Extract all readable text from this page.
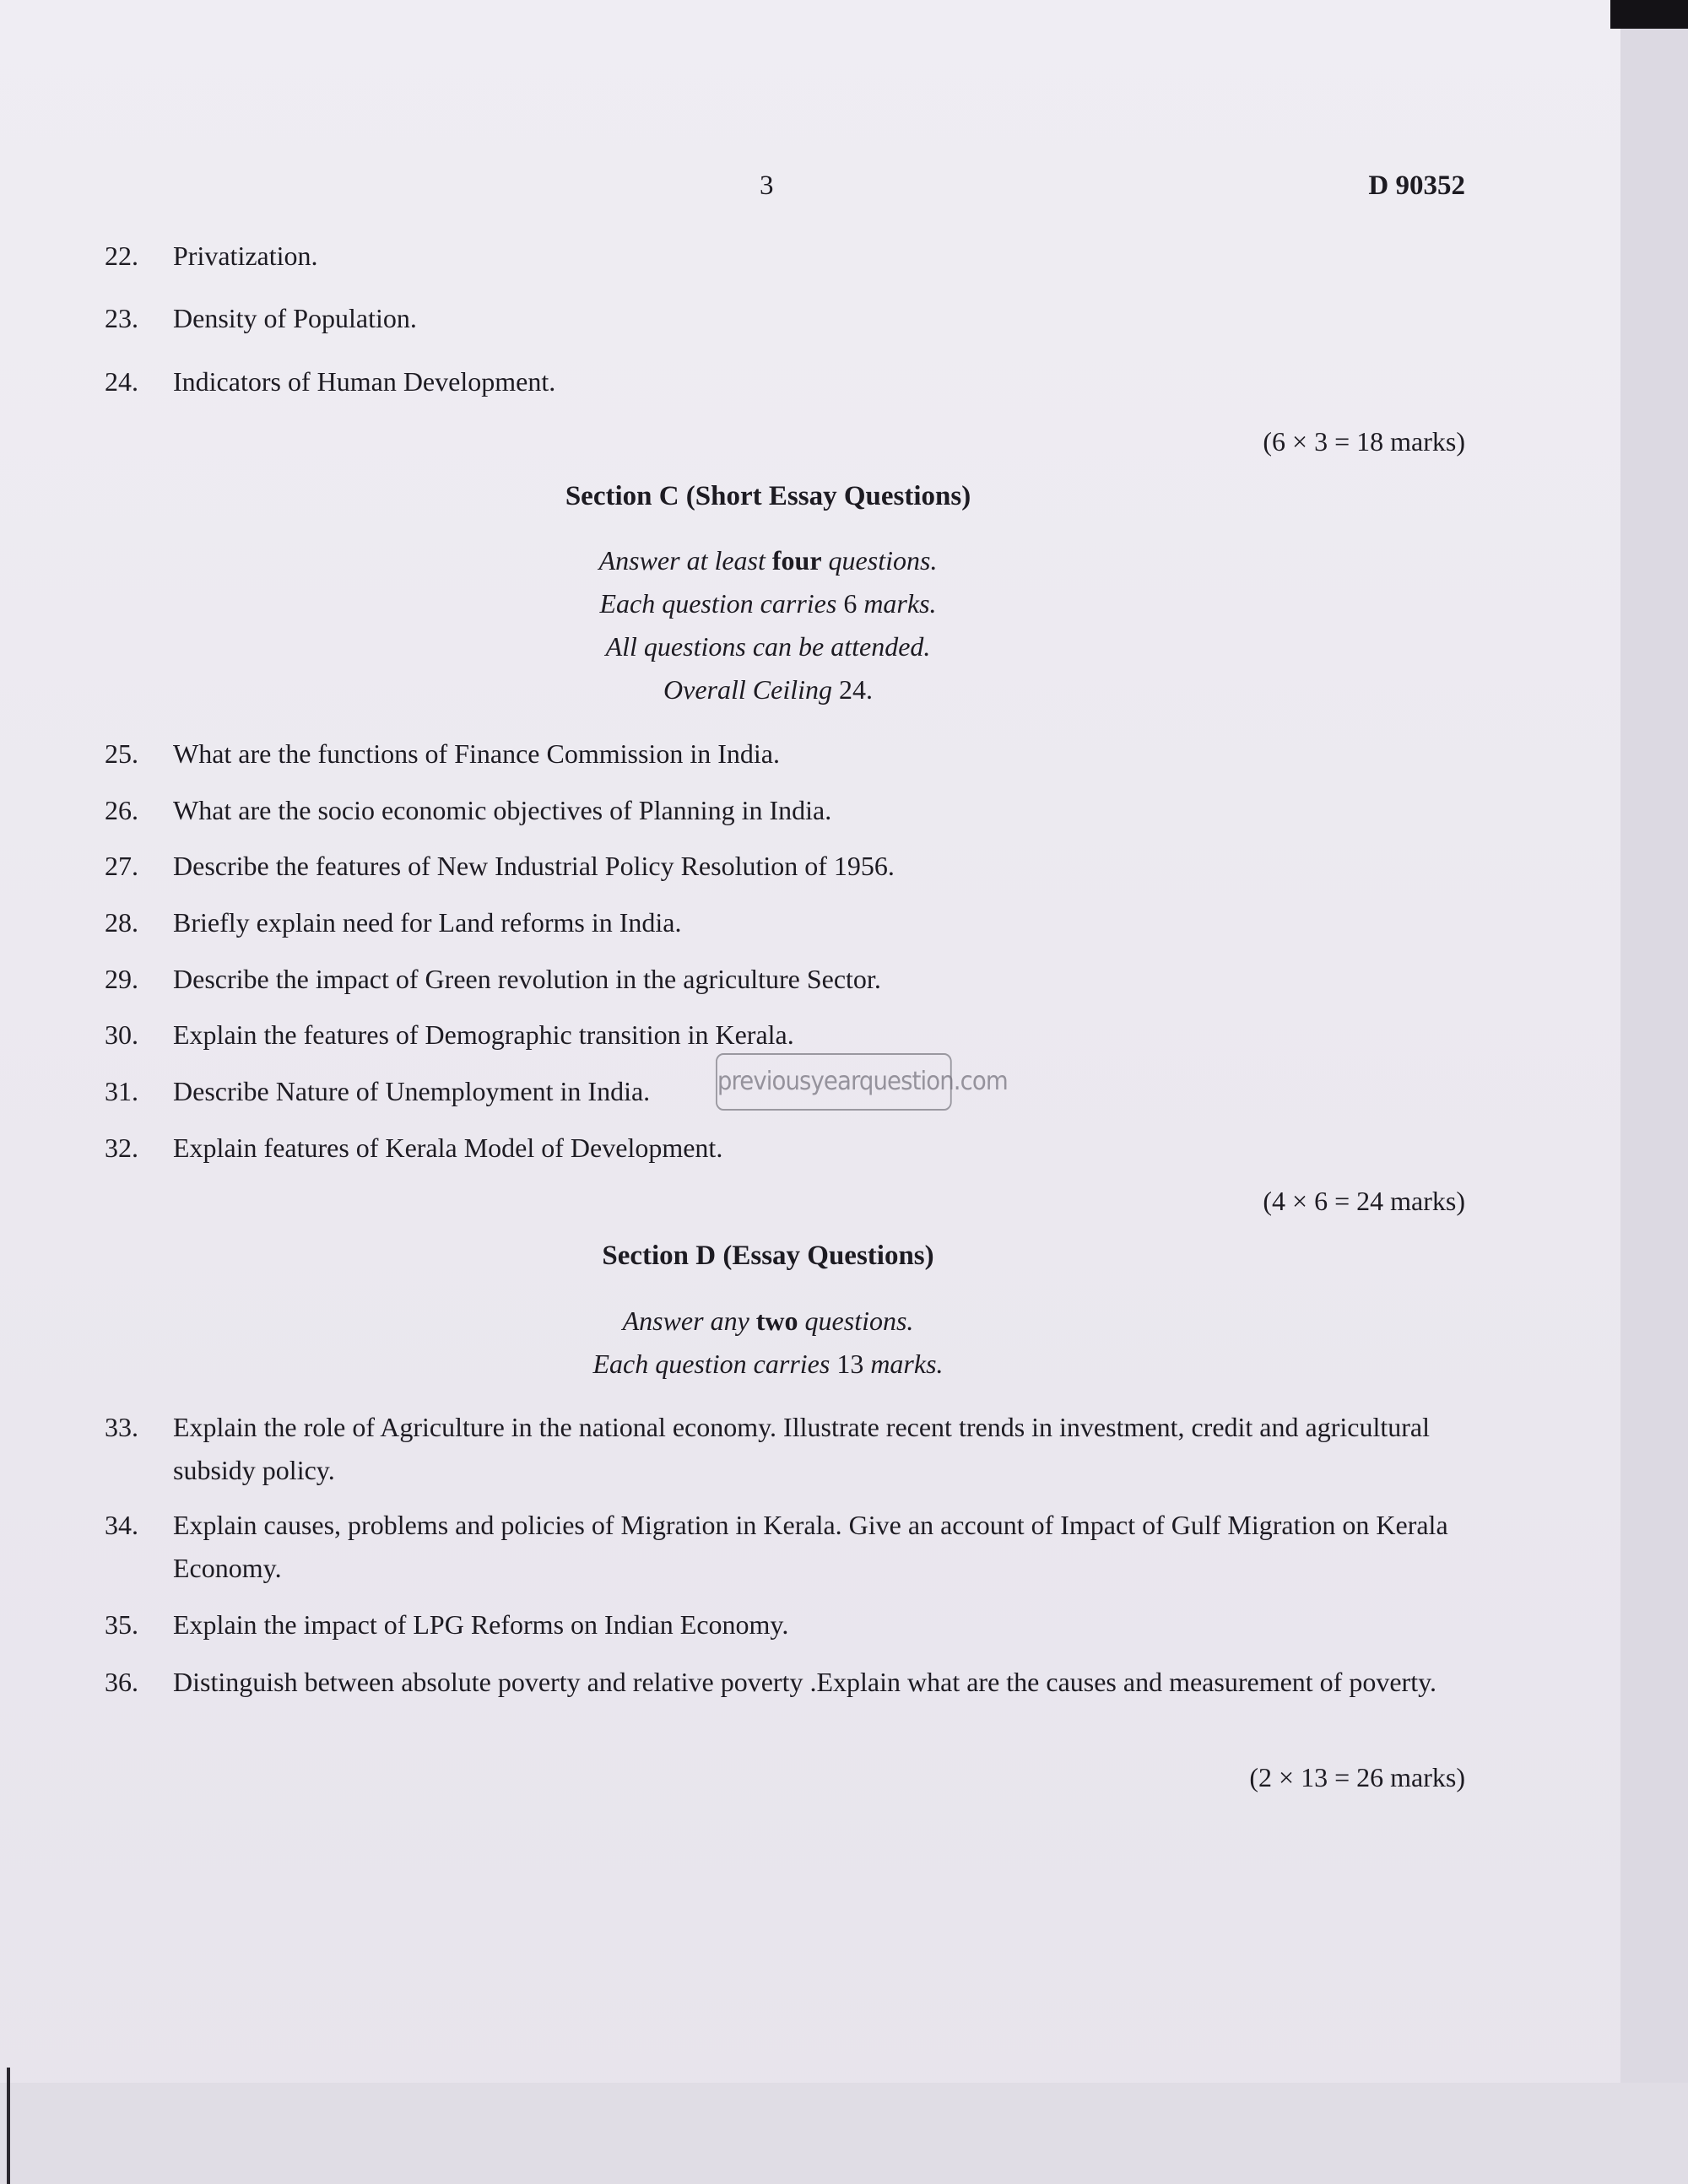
3	D 90352
22. Privatization.
23. Density of Population.
24. Indicators of Human Development.
(6 × 3 = 18 marks)
Section C (Short Essay Questions)
Answer at least four questions.
Each question carries 6 marks.
All questions can be attended.
Overall Ceiling 24.
25. What are the functions of Finance Commission in India.
26. What are the socio economic objectives of Planning in India.
27. Describe the features of New Industrial Policy Resolution of 1956.
28. Briefly explain need for Land reforms in India.
29. Describe the impact of Green revolution in the agriculture Sector.
30. Explain the features of Demographic transition in Kerala.
31. Describe Nature of Unemployment in India.
32. Explain features of Kerala Model of Development.
(4 × 6 = 24 marks)
Section D (Essay Questions)
Answer any two questions.
Each question carries 13 marks.
33. Explain the role of Agriculture in the national economy. Illustrate recent trends in investment, credit and agricultural subsidy policy.
34. Explain causes, problems and policies of Migration in Kerala. Give an account of Impact of Gulf Migration on Kerala Economy.
35. Explain the impact of LPG Reforms on Indian Economy.
36. Distinguish between absolute poverty and relative poverty .Explain what are the causes and measurement of poverty.
(2 × 13 = 26 marks)
previousyearquestion.com
